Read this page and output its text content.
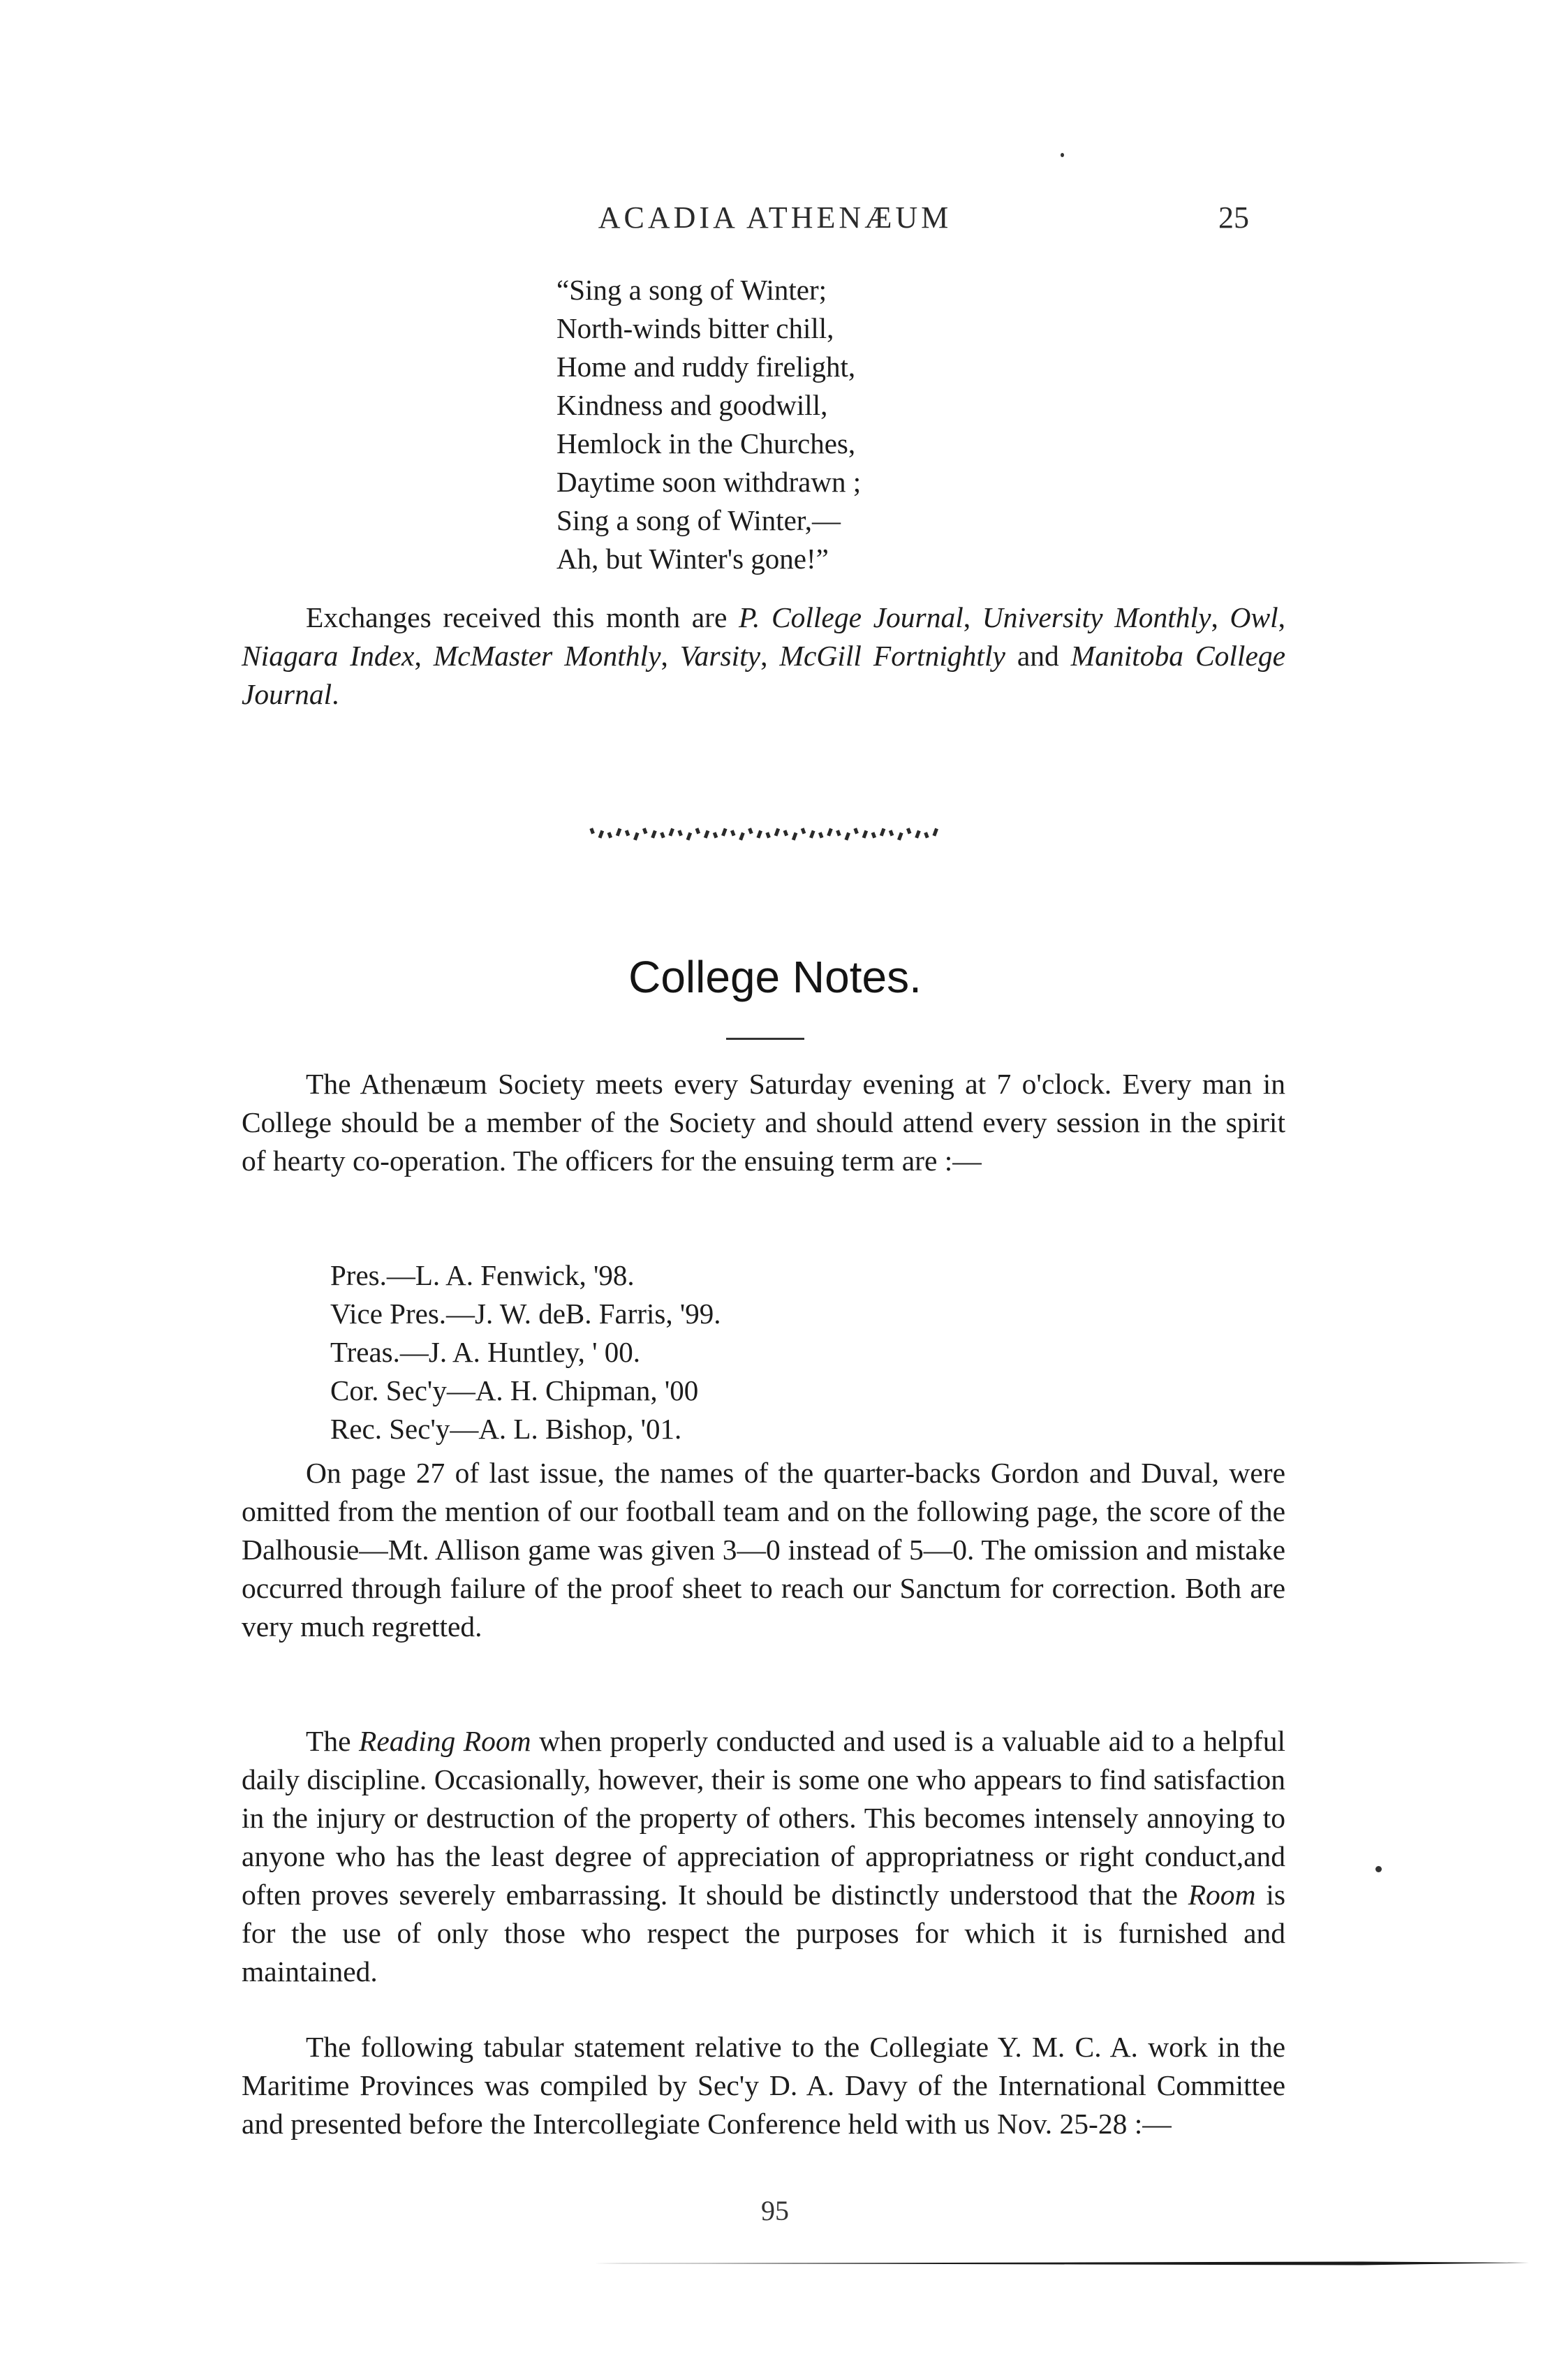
ACADIA ATHENÆUM	25
“Sing a song of Winter;
North-winds bitter chill,
Home and ruddy firelight,
Kindness and goodwill,
Hemlock in the Churches,
Daytime soon withdrawn ;
Sing a song of Winter,—
Ah, but Winter's gone!”
Exchanges received this month are P. College Journal, University Monthly, Owl, Niagara Index, McMaster Monthly, Varsity, McGill Fortnightly and Manitoba College Journal.
College Notes.
The Athenæum Society meets every Saturday evening at 7 o'clock. Every man in College should be a member of the Society and should attend every session in the spirit of hearty co-operation. The officers for the ensuing term are :—
Pres.—L. A. Fenwick, '98.
Vice Pres.—J. W. deB. Farris, '99.
Treas.—J. A. Huntley, ' 00.
Cor. Sec'y—A. H. Chipman, '00
Rec. Sec'y—A. L. Bishop, '01.
On page 27 of last issue, the names of the quarter-backs Gordon and Duval, were omitted from the mention of our football team and on the following page, the score of the Dalhousie—Mt. Allison game was given 3—0 instead of 5—0. The omission and mistake occurred through failure of the proof sheet to reach our Sanctum for correction. Both are very much regretted.
The Reading Room when properly conducted and used is a valuable aid to a helpful daily discipline. Occasionally, however, their is some one who appears to find satisfaction in the injury or destruction of the property of others. This becomes intensely annoying to anyone who has the least degree of appreciation of appropriatness or right conduct,and often proves severely embarrassing. It should be distinctly understood that the Room is for the use of only those who respect the purposes for which it is furnished and maintained.
The following tabular statement relative to the Collegiate Y. M. C. A. work in the Maritime Provinces was compiled by Sec'y D. A. Davy of the International Committee and presented before the Intercollegiate Conference held with us Nov. 25-28 :—
95
